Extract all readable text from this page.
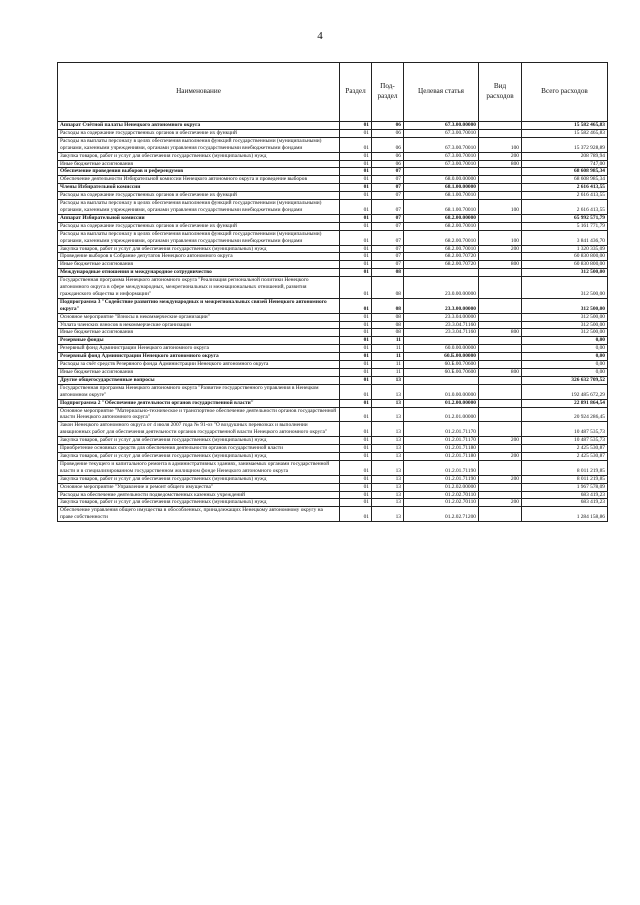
4
Наименование	Раздел	Под-раздел	Целевая статья	Вид расходов	Всего расходов
Аппарат Счётной палаты Ненецкого автономного округа	01	06	67.3.00.00000		15 582 465,83
Расходы на содержание государственных органов и обеспечение их функций	01	06	67.3.00.70010		15 582 465,83
Расходы на выплаты персоналу в целях обеспечения выполнения функций государственными (муниципальными) органами, казенными учреждениями, органами управления государственными внебюджетными фондами	01	06	67.3.00.70010	100	15 372 928,89
Закупка товаров, работ и услуг для обеспечения государственных (муниципальных) нужд	01	06	67.3.00.70010	200	208 789,94
Иные бюджетные ассигнования	01	06	67.3.00.70010	800	747,00
Обеспечение проведения выборов и референдумов	01	07			68 608 985,34
Обеспечение деятельности Избирательной комиссии Ненецкого автономного округа и проведение выборов	01	07	68.0.00.00000		68 608 985,34
Члены Избирательной комиссии	01	07	68.1.00.00000		2 616 413,55
Расходы на содержание государственных органов и обеспечение их функций	01	07	68.1.00.70010		2 616 413,55
Расходы на выплаты персоналу в целях обеспечения выполнения функций государственными (муниципальными) органами, казенными учреждениями, органами управления государственными внебюджетными фондами	01	07	68.1.00.70010	100	2 616 413,55
Аппарат Избирательной комиссии	01	07	68.2.00.00000		65 992 571,79
Расходы на содержание государственных органов и обеспечение их функций	01	07	68.2.00.70010		5 161 771,79
Расходы на выплаты персоналу в целях обеспечения выполнения функций государственными (муниципальными) органами, казенными учреждениями, органами управления государственными внебюджетными фондами	01	07	68.2.00.70010	100	3 841 436,70
Закупка товаров, работ и услуг для обеспечения государственных (муниципальных) нужд	01	07	68.2.00.70010	200	1 320 335,09
Проведение выборов в Собрание депутатов Ненецкого автономного округа	01	07	68.2.00.70720		60 830 800,00
Иные бюджетные ассигнования	01	07	68.2.00.70720	800	60 830 800,00
Международные отношения и международное сотрудничество	01	08			312 500,00
Государственная программа Ненецкого автономного округа "Реализация региональной политики Ненецкого автономного округа в сфере международных, межрегиональных и межнациональных отношений, развития гражданского общества и информации"	01	08	23.0.00.00000		312 500,00
Подпрограмма 3 "Содействие развитию международных и межрегиональных связей Ненецкого автономного округа"	01	08	23.3.00.00000		312 500,00
Основное мероприятие "Взносы в некоммерческие организации"	01	08	23.3.04.00000		312 500,00
Уплата членских взносов в некоммерческие организации	01	08	23.3.04.71160		312 500,00
Иные бюджетные ассигнования	01	08	23.3.04.71160	800	312 500,00
Резервные фонды	01	11			0,00
Резервный фонд Администрации Ненецкого автономного округа	01	11	60.0.00.00000		0,00
Резервный фонд Администрации Ненецкого автономного округа	01	11	60.Б.00.00000		0,00
Расходы за счёт средств Резервного фонда Администрации Ненецкого автономного округа	01	11	60.Б.00.70600		0,00
Иные бюджетные ассигнования	01	11	60.Б.00.70600	800	0,00
Другие общегосударственные вопросы	01	13			326 632 709,52
Государственная программа Ненецкого автономного округа "Развитие государственного управления в Ненецком автономном округе"	01	13	01.0.00.00000		192 485 672,29
Подпрограмма 2 "Обеспечение деятельности органов государственной власти"	01	13	01.2.00.00000		22 891 864,54
Основное мероприятие "Материально-техническое и транспортное обеспечение деятельности органов государственной власти Ненецкого автономного округа"	01	13	01.2.01.00000		20 924 286,45
Закон Ненецкого автономного округа от 4 июля 2007 года № 91-оз "О воздушных перевозках и выполнении авиационных работ для обеспечения деятельности органов государственной власти Ненецкого автономного округа"	01	13	01.2.01.71170		10 487 535,73
Закупка товаров, работ и услуг для обеспечения государственных (муниципальных) нужд	01	13	01.2.01.71170	200	10 487 535,73
Приобретение основных средств для обеспечения деятельности органов государственной власти	01	13	01.2.01.71180		2 425 530,87
Закупка товаров, работ и услуг для обеспечения государственных (муниципальных) нужд	01	13	01.2.01.71180	200	2 425 530,87
Проведение текущего и капитального ремонта в административных зданиях, занимаемых органами государственной власти и в специализированном государственном жилищном фонде Ненецкого автономного округа	01	13	01.2.01.71190		8 011 219,85
Закупка товаров, работ и услуг для обеспечения государственных (муниципальных) нужд	01	13	01.2.01.71190	200	8 011 219,85
Основное мероприятие "Управление и ремонт общего имущества"	01	13	01.2.02.00000		1 967 578,09
Расходы на обеспечение деятельности подведомственных казенных учреждений	01	13	01.2.02.70110		683 419,23
Закупка товаров, работ и услуг для обеспечения государственных (муниципальных) нужд	01	13	01.2.02.70110	200	683 419,23
Обеспечение управления общего имущества в обособленных, принадлежащих Ненецкому автономному округу на праве собственности	01	13	01.2.02.71200		1 284 158,86
